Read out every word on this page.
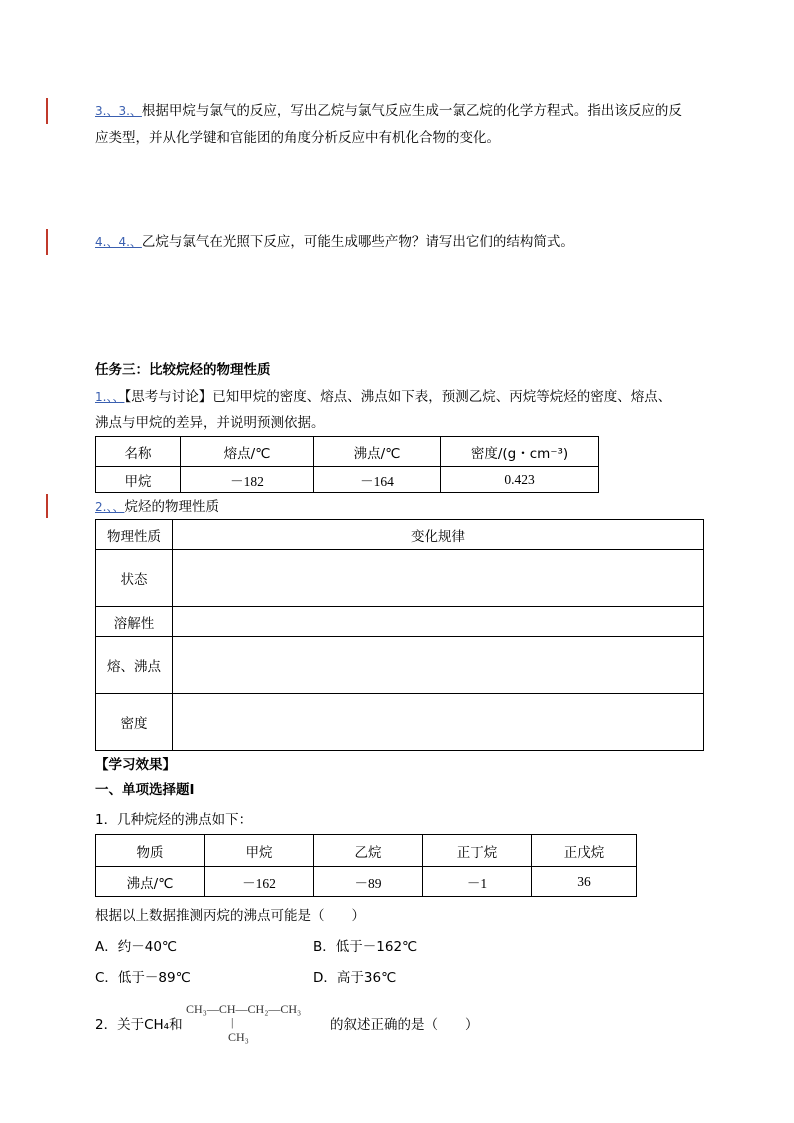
3.、3.、根据甲烷与氯气的反应，写出乙烷与氯气反应生成一氯乙烷的化学方程式。指出该反应的反
应类型，并从化学键和官能团的角度分析反应中有机化合物的变化。
4.、4.、乙烷与氯气在光照下反应，可能生成哪些产物？请写出它们的结构简式。
任务三：比较烷烃的物理性质
1.、、【思考与讨论】已知甲烷的密度、熔点、沸点如下表，预测乙烷、丙烷等烷烃的密度、熔点、
沸点与甲烷的差异，并说明预测依据。
名称	熔点/℃	沸点/℃	密度/(g・cm⁻³)
甲烷	－182	－164	0.423
2.、、烷烃的物理性质
物理性质	变化规律
状态	
溶解性	
熔、沸点	
密度	
【学习效果】
一、单项选择题Ⅰ
1．几种烷烃的沸点如下：
物质	甲烷	乙烷	正丁烷	正戊烷
沸点/℃	－162	－89	－1	36
根据以上数据推测丙烷的沸点可能是（　　）
A．约－40℃	B．低于－162℃
C．低于－89℃	D．高于36℃
2．关于CH₄和
CH₃—CH—CH₂—CH₃
|
CH₃
的叙述正确的是（　　）
